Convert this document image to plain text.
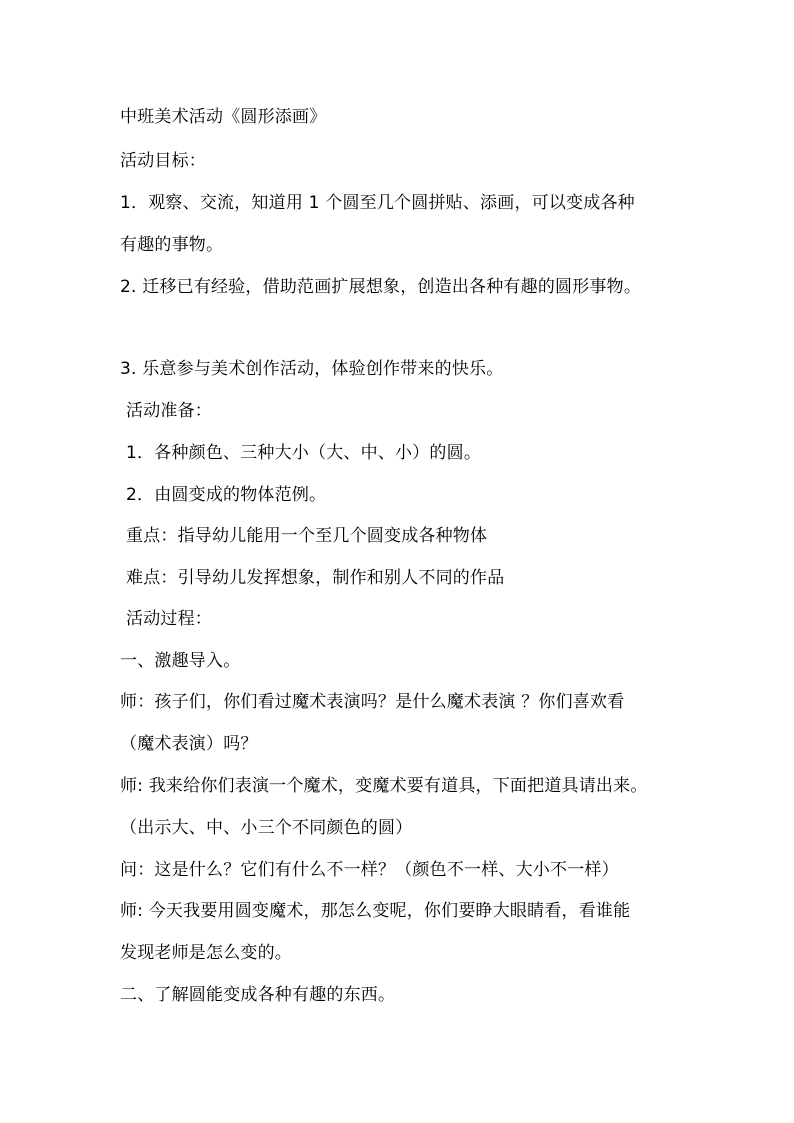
中班美术活动《圆形添画》
活动目标：
1．观察、交流，知道用 1 个圆至几个圆拼贴、添画，可以变成各种
有趣的事物。
2. 迁移已有经验，借助范画扩展想象，创造出各种有趣的圆形事物。
3. 乐意参与美术创作活动，体验创作带来的快乐。
活动准备：
1．各种颜色、三种大小（大、中、小）的圆。
2．由圆变成的物体范例。
重点：指导幼儿能用一个至几个圆变成各种物体
难点：引导幼儿发挥想象，制作和别人不同的作品
活动过程：
一、激趣导入。
师：孩子们，你们看过魔术表演吗？是什么魔术表演 ？你们喜欢看
（魔术表演）吗？
师: 我来给你们表演一个魔术，变魔术要有道具，下面把道具请出来。
（出示大、中、小三个不同颜色的圆）
问：这是什么？它们有什么不一样？（颜色不一样、大小不一样）
师: 今天我要用圆变魔术，那怎么变呢，你们要睁大眼睛看，看谁能
发现老师是怎么变的。
二、了解圆能变成各种有趣的东西。
